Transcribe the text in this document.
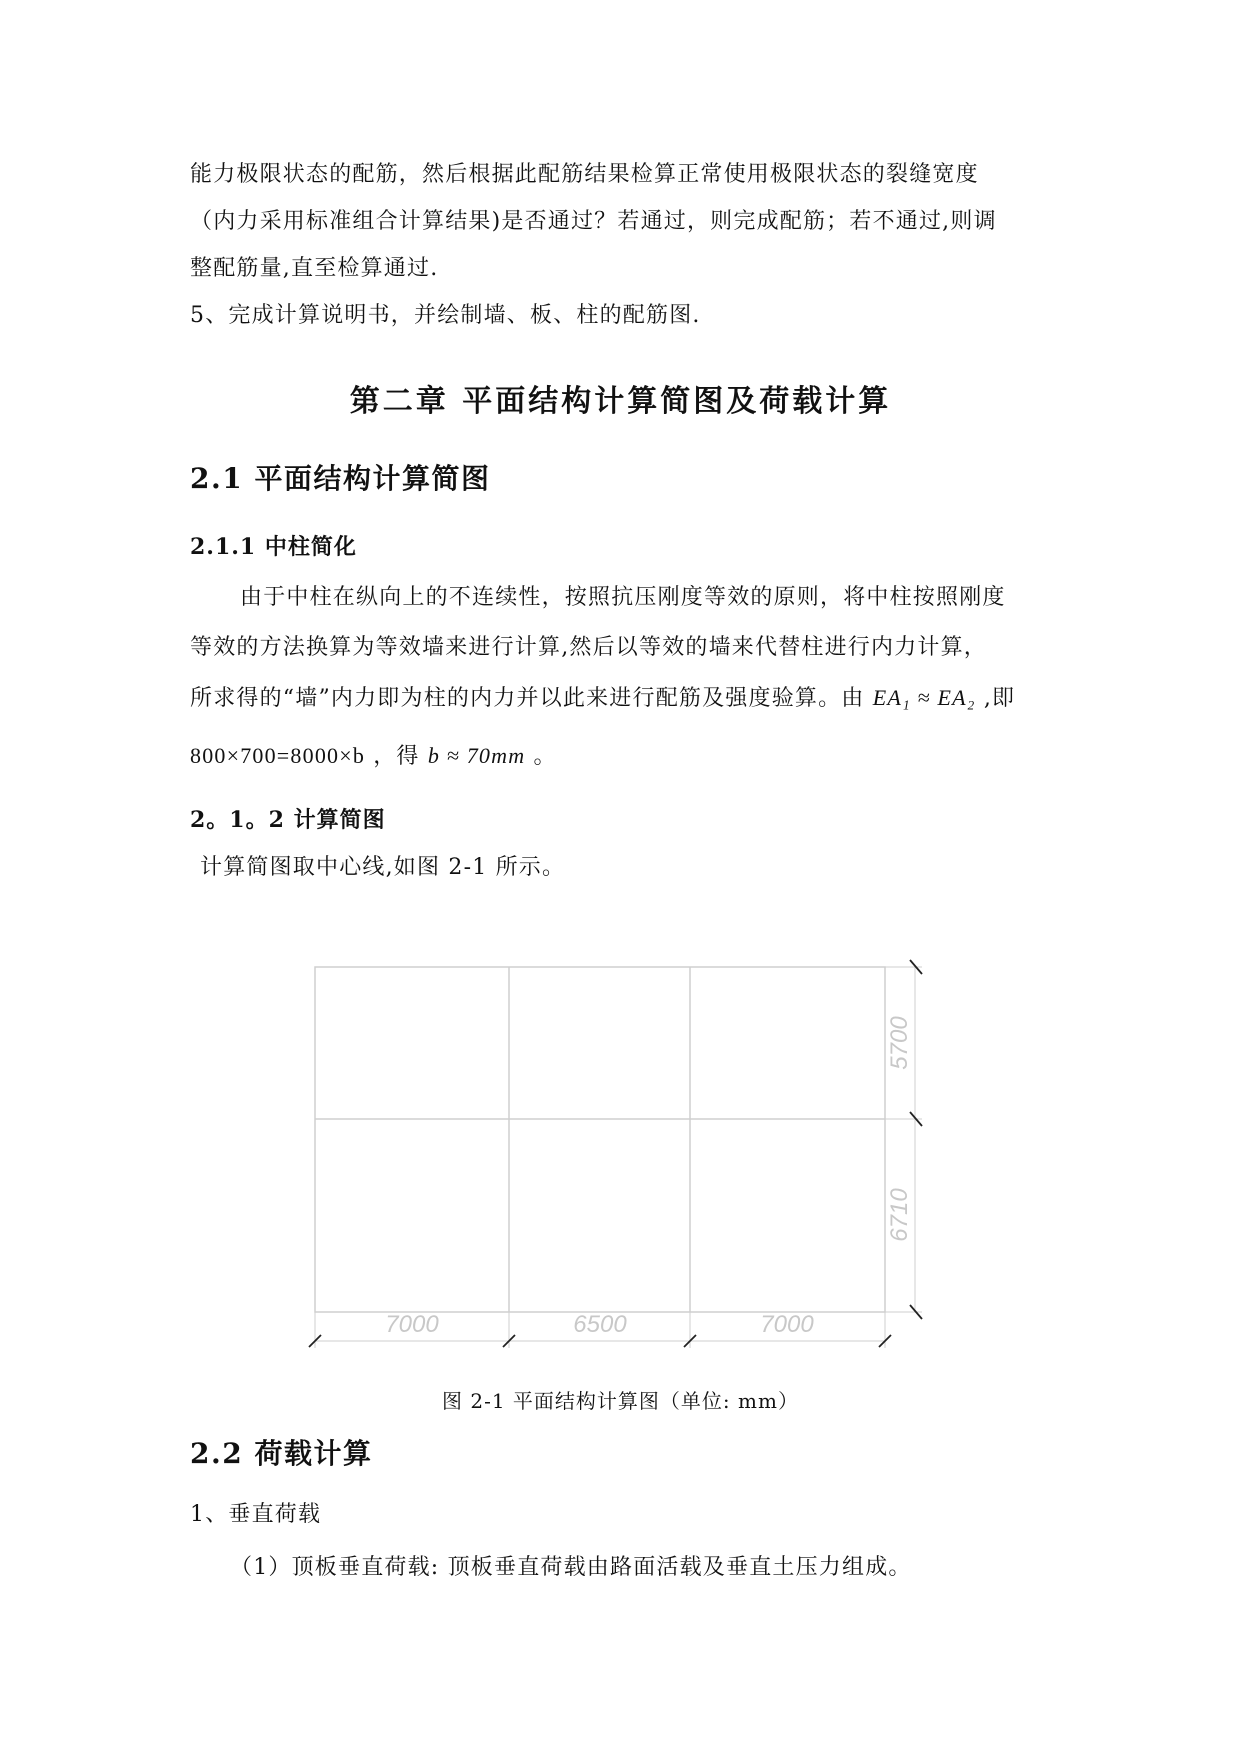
能力极限状态的配筋，然后根据此配筋结果检算正常使用极限状态的裂缝宽度
（内力采用标准组合计算结果)是否通过？若通过，则完成配筋；若不通过,则调
整配筋量,直至检算通过.
5、完成计算说明书，并绘制墙、板、柱的配筋图.
第二章 平面结构计算简图及荷载计算
2.1 平面结构计算简图
2.1.1 中柱简化
由于中柱在纵向上的不连续性，按照抗压刚度等效的原则，将中柱按照刚度
等效的方法换算为等效墙来进行计算,然后以等效的墙来代替柱进行内力计算，
所求得的“墙”内力即为柱的内力并以此来进行配筋及强度验算。由 EA₁ ≈ EA₂ ,即
800×700=8000×b ，得 b ≈ 70mm 。
2。1。2 计算简图
计算简图取中心线,如图 2-1 所示。
7000	6500	7000
5700
6710
图 2-1 平面结构计算图（单位: mm）
2.2 荷载计算
1、垂直荷载
（1）顶板垂直荷载: 顶板垂直荷载由路面活载及垂直土压力组成。
